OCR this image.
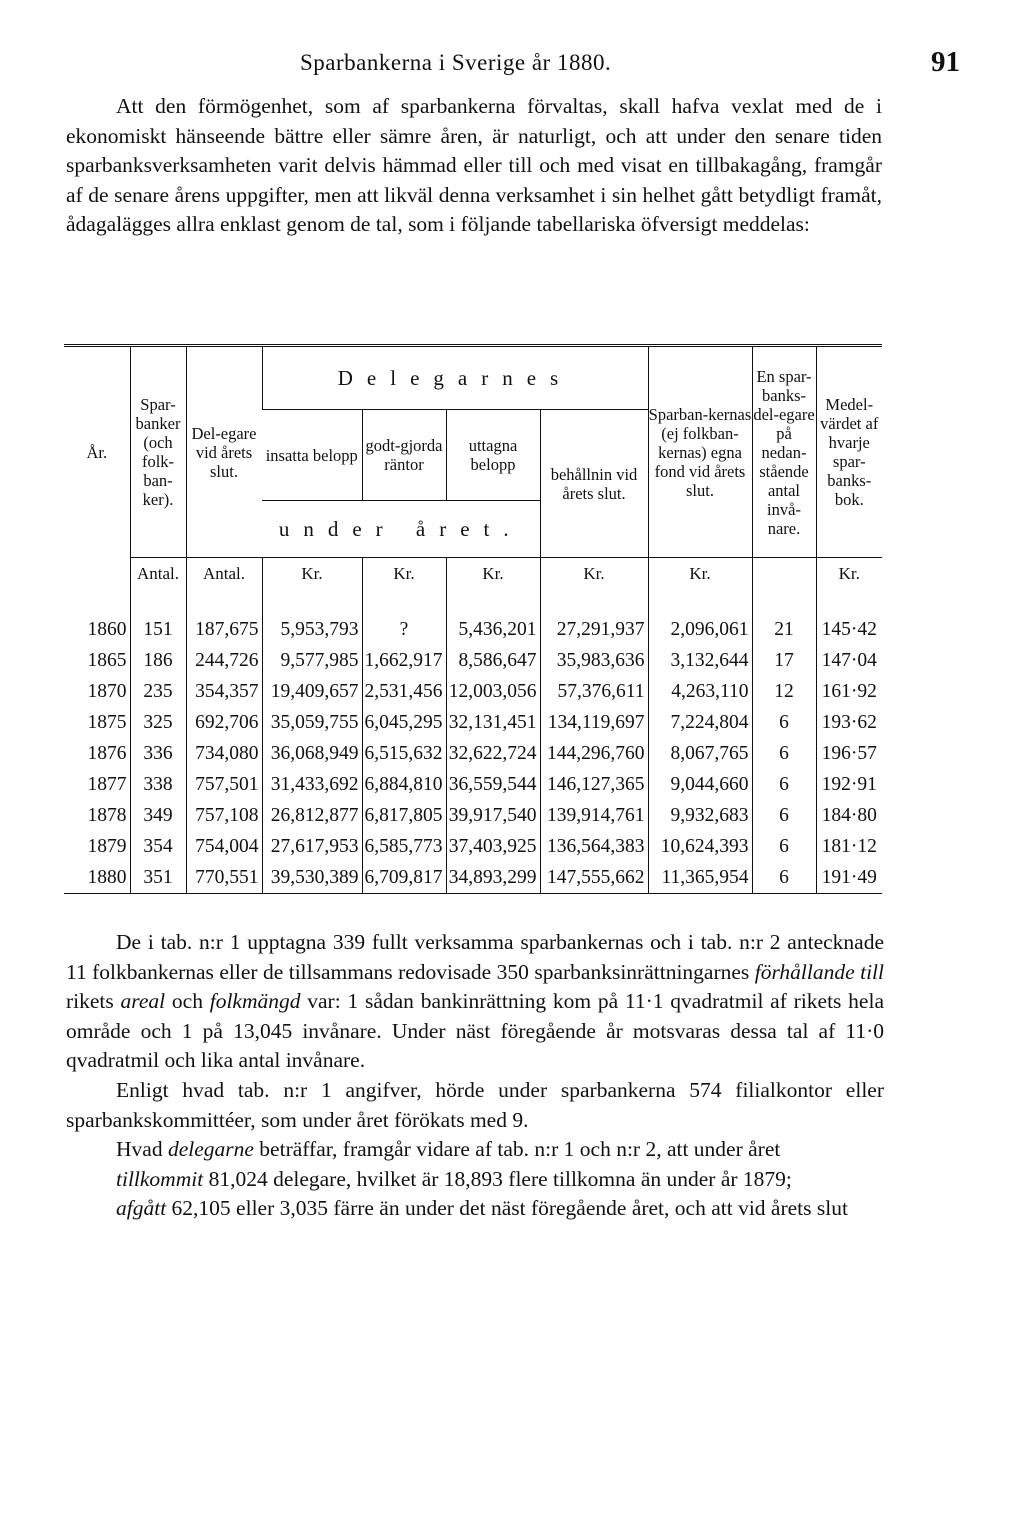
Sparbankerna i Sverige år 1880.	91

Att den förmögenhet, som af sparbankerna förvaltas, skall hafva vexlat med de i ekonomiskt hänseende bättre eller sämre åren, är naturligt, och att under den senare tiden sparbanksverksamheten varit delvis hämmad eller till och med visat en tillbakagång, framgår af de senare årens uppgifter, men att likväl denna verksamhet i sin helhet gått betydligt framåt, ådagalägges allra enklast genom de tal, som i följande tabellariska öfversigt meddelas:

År.	Spar-banker (och folk-ban-ker).	Del-egare vid årets slut.	Delegarnes				Sparban-kernas (ej folkban-kernas) egna fond vid årets slut.	En spar-banks-del-egare på nedan-stående antal invå-nare.	Medel-värdet af hvarje spar-banks-bok.
			insatta belopp	godt-gjorda räntor	uttagna belopp	behållnin vid årets slut.			
			under året.						
	Antal.	Antal.	Kr.	Kr.	Kr.	Kr.	Kr.		Kr.
1860	151	187,675	5,953,793	?	5,436,201	27,291,937	2,096,061	21	145·42
1865	186	244,726	9,577,985	1,662,917	8,586,647	35,983,636	3,132,644	17	147·04
1870	235	354,357	19,409,657	2,531,456	12,003,056	57,376,611	4,263,110	12	161·92
1875	325	692,706	35,059,755	6,045,295	32,131,451	134,119,697	7,224,804	6	193·62
1876	336	734,080	36,068,949	6,515,632	32,622,724	144,296,760	8,067,765	6	196·57
1877	338	757,501	31,433,692	6,884,810	36,559,544	146,127,365	9,044,660	6	192·91
1878	349	757,108	26,812,877	6,817,805	39,917,540	139,914,761	9,932,683	6	184·80
1879	354	754,004	27,617,953	6,585,773	37,403,925	136,564,383	10,624,393	6	181·12
1880	351	770,551	39,530,389	6,709,817	34,893,299	147,555,662	11,365,954	6	191·49

De i tab. n:r 1 upptagna 339 fullt verksamma sparbankernas och i tab. n:r 2 antecknade 11 folkbankernas eller de tillsammans redovisade 350 sparbanksinrättningarnes förhållande till rikets areal och folkmängd var: 1 sådan bankinrättning kom på 11·1 qvadratmil af rikets hela område och 1 på 13,045 invånare. Under näst föregående år motsvaras dessa tal af 11·0 qvadratmil och lika antal invånare.

Enligt hvad tab. n:r 1 angifver, hörde under sparbankerna 574 filialkontor eller sparbankskommittéer, som under året förökats med 9.

Hvad delegarne beträffar, framgår vidare af tab. n:r 1 och n:r 2, att under året

tillkommit 81,024 delegare, hvilket är 18,893 flere tillkomna än under år 1879;

afgått 62,105 eller 3,035 färre än under det näst föregående året, och att vid årets slut
